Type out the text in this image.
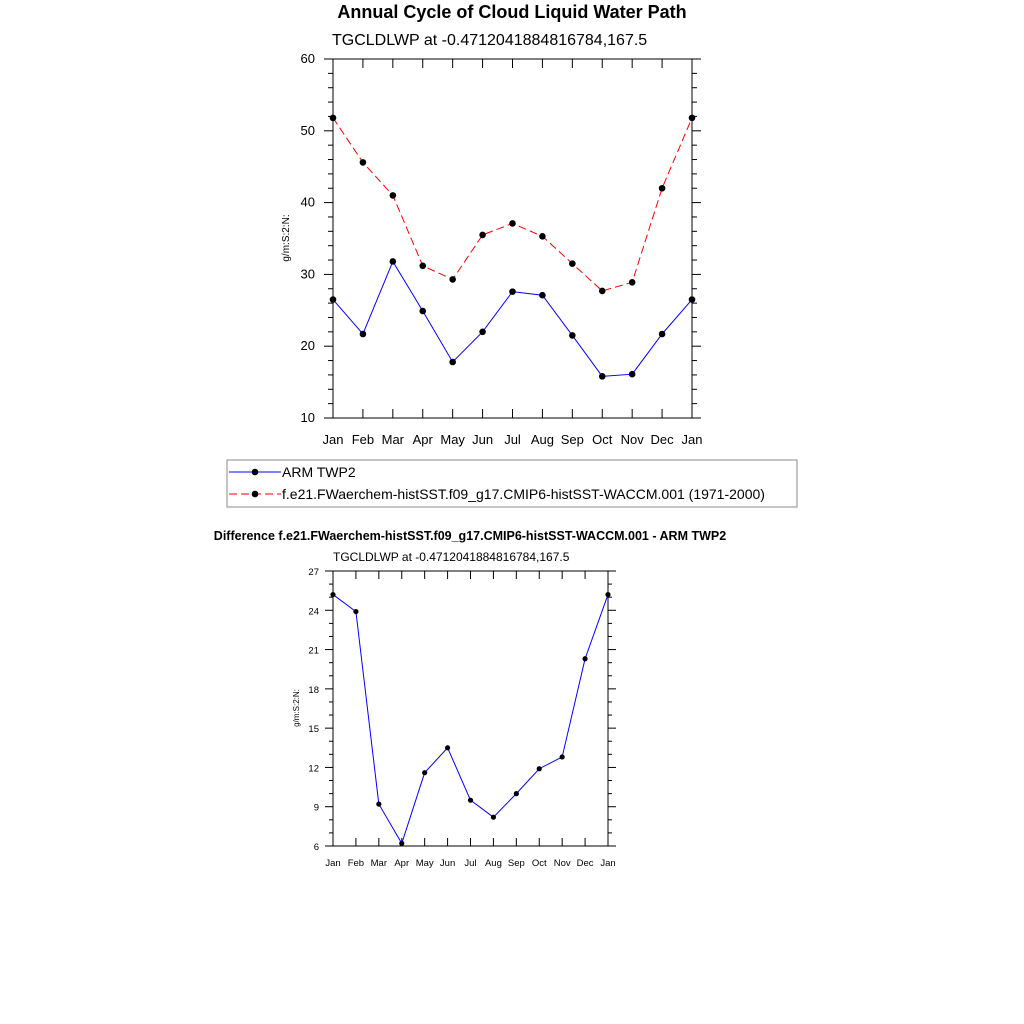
Annual Cycle of Cloud Liquid Water Path
TGCLDLWP at -0.4712041884816784,167.5
g/m:S:2:N:
Jan Feb Mar Apr May Jun Jul Aug Sep Oct Nov Dec Jan
10
20
30
40
50
60
ARM TWP2
f.e21.FWaerchem-histSST.f09_g17.CMIP6-histSST-WACCM.001 (1971-2000)
Difference f.e21.FWaerchem-histSST.f09_g17.CMIP6-histSST-WACCM.001 - ARM TWP2
TGCLDLWP at -0.4712041884816784,167.5
g/m:S:2:N:
Jan Feb Mar Apr May Jun Jul Aug Sep Oct Nov Dec Jan
6
9
12
15
18
21
24
27
